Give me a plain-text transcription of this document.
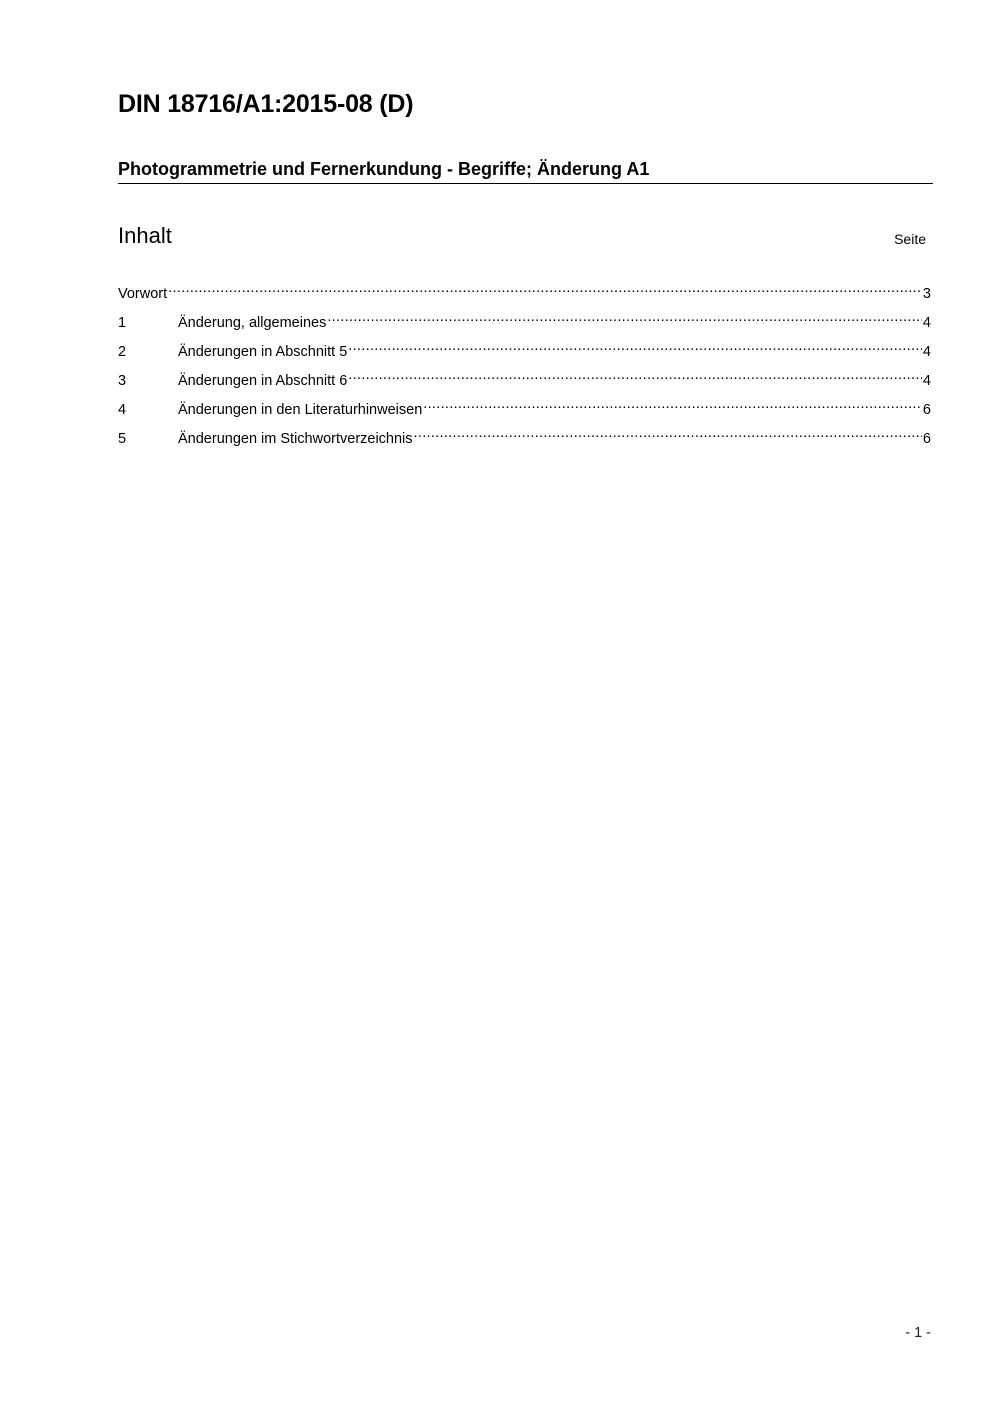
DIN 18716/A1:2015-08 (D)
Photogrammetrie und Fernerkundung - Begriffe; Änderung A1
Inhalt	Seite
Vorwort .....	3
1	Änderung, allgemeines .....	4
2	Änderungen in Abschnitt 5 .....	4
3	Änderungen in Abschnitt 6 .....	4
4	Änderungen in den Literaturhinweisen .....	6
5	Änderungen im Stichwortverzeichnis .....	6
- 1 -
